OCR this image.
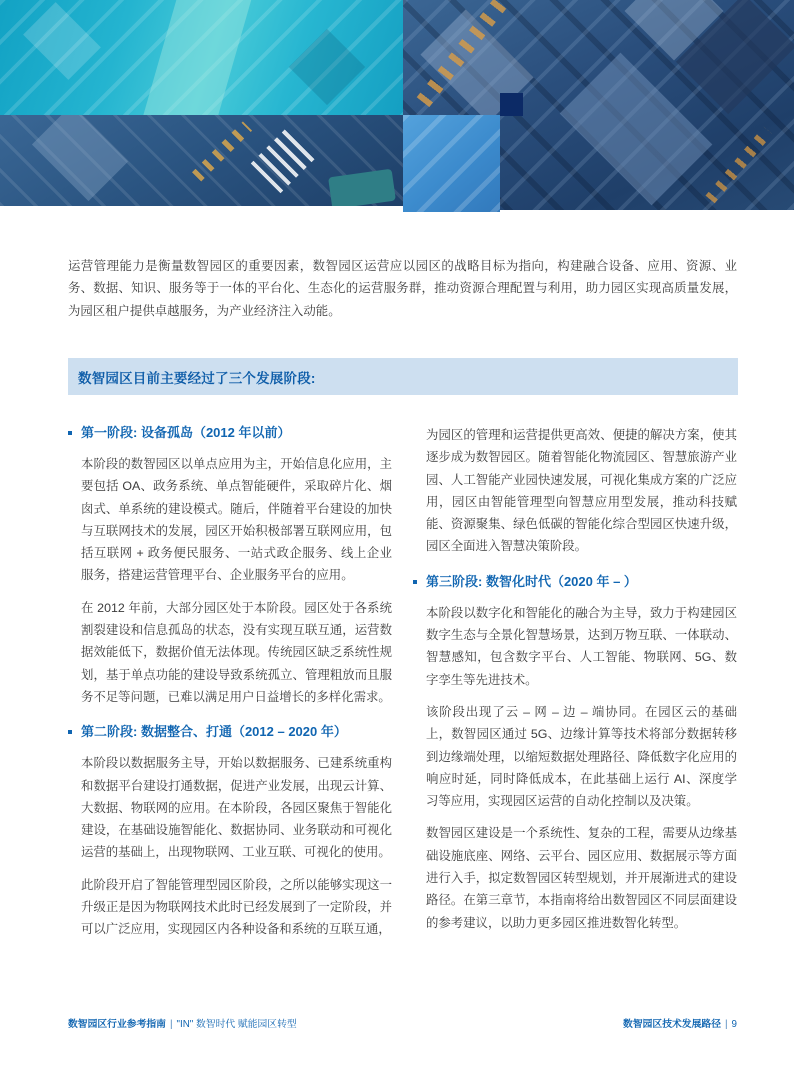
运营管理能力是衡量数智园区的重要因素，数智园区运营应以园区的战略目标为指向，构建融合设备、应用、资源、业务、数据、知识、服务等于一体的平台化、生态化的运营服务群，推动资源合理配置与利用，助力园区实现高质量发展，为园区租户提供卓越服务，为产业经济注入动能。

数智园区目前主要经过了三个发展阶段:
第一阶段: 设备孤岛（2012 年以前）

本阶段的数智园区以单点应用为主，开始信息化应用，主要包括 OA、政务系统、单点智能硬件，采取碎片化、烟囱式、单系统的建设模式。随后，伴随着平台建设的加快与互联网技术的发展，园区开始积极部署互联网应用，包括互联网 + 政务便民服务、一站式政企服务、线上企业服务，搭建运营管理平台、企业服务平台的应用。

在 2012 年前，大部分园区处于本阶段。园区处于各系统割裂建设和信息孤岛的状态，没有实现互联互通，运营数据效能低下，数据价值无法体现。传统园区缺乏系统性规划，基于单点功能的建设导致系统孤立、管理粗放而且服务不足等问题，已难以满足用户日益增长的多样化需求。

第二阶段: 数据整合、打通（2012 – 2020 年）

本阶段以数据服务主导，开始以数据服务、已建系统重构和数据平台建设打通数据，促进产业发展，出现云计算、大数据、物联网的应用。在本阶段，各园区聚焦于智能化建设，在基础设施智能化、数据协同、业务联动和可视化运营的基础上，出现物联网、工业互联、可视化的使用。

此阶段开启了智能管理型园区阶段，之所以能够实现这一升级正是因为物联网技术此时已经发展到了一定阶段，并可以广泛应用，实现园区内各种设备和系统的互联互通，

为园区的管理和运营提供更高效、便捷的解决方案，使其逐步成为数智园区。随着智能化物流园区、智慧旅游产业园、人工智能产业园快速发展，可视化集成方案的广泛应用，园区由智能管理型向智慧应用型发展，推动科技赋能、资源聚集、绿色低碳的智能化综合型园区快速升级，园区全面进入智慧决策阶段。

第三阶段: 数智化时代（2020 年 – ）

本阶段以数字化和智能化的融合为主导，致力于构建园区数字生态与全景化智慧场景，达到万物互联、一体联动、智慧感知，包含数字平台、人工智能、物联网、5G、数字孪生等先进技术。

该阶段出现了云 – 网 – 边 – 端协同。在园区云的基础上，数智园区通过 5G、边缘计算等技术将部分数据转移到边缘端处理，以缩短数据处理路径、降低数字化应用的响应时延，同时降低成本，在此基础上运行 AI、深度学习等应用，实现园区运营的自动化控制以及决策。

数智园区建设是一个系统性、复杂的工程，需要从边缘基础设施底座、网络、云平台、园区应用、数据展示等方面进行入手，拟定数智园区转型规划，并开展渐进式的建设路径。在第三章节，本指南将给出数智园区不同层面建设的参考建议，以助力更多园区推进数智化转型。

数智园区行业参考指南 | "IN" 数智时代 赋能园区转型	数智园区技术发展路径 | 9
